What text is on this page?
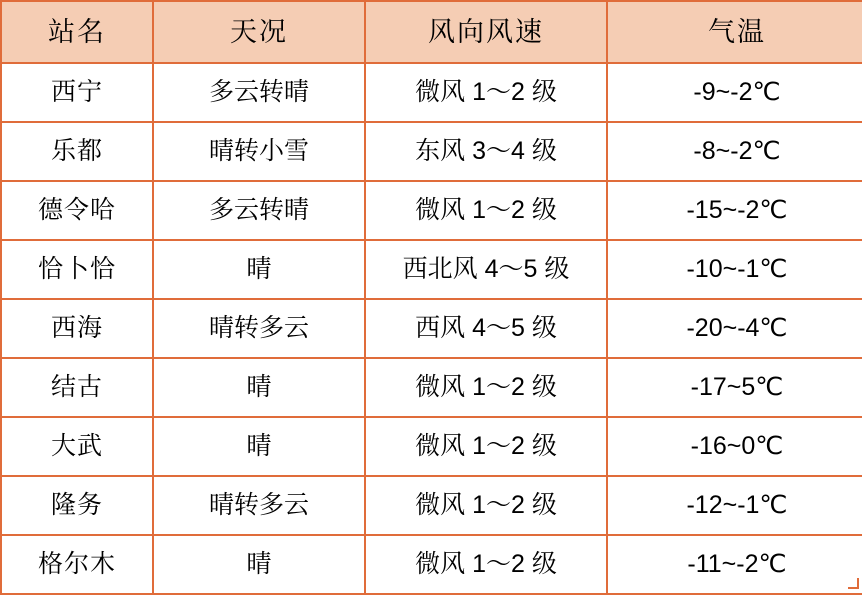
站名	天况	风向风速	气温
西宁	多云转晴	微风 1～2 级	-9~-2℃
乐都	晴转小雪	东风 3～4 级	-8~-2℃
德令哈	多云转晴	微风 1～2 级	-15~-2℃
恰卜恰	晴	西北风 4～5 级	-10~-1℃
西海	晴转多云	西风 4～5 级	-20~-4℃
结古	晴	微风 1～2 级	-17~5℃
大武	晴	微风 1～2 级	-16~0℃
隆务	晴转多云	微风 1～2 级	-12~-1℃
格尔木	晴	微风 1～2 级	-11~-2℃
